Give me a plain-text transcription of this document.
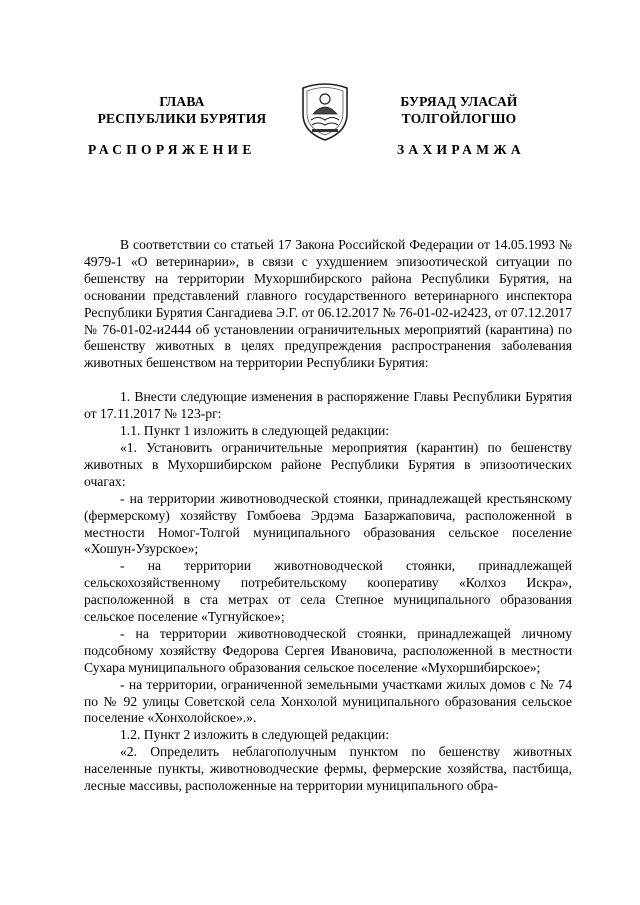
ГЛАВА
РЕСПУБЛИКИ БУРЯТИЯ
БУРЯАД УЛАСАЙ
ТОЛГОЙЛОГШО
РАСПОРЯЖЕНИЕ	ЗАХИРАМЖА

В соответствии со статьей 17 Закона Российской Федерации от 14.05.1993 № 4979-1 «О ветеринарии», в связи с ухудшением эпизоотической ситуации по бешенству на территории Мухоршибирского района Республики Бурятия, на основании представлений главного государственного ветеринарного инспектора Республики Бурятия Сангадиева Э.Г. от 06.12.2017 № 76-01-02-и2423, от 07.12.2017 № 76-01-02-и2444 об установлении ограничительных мероприятий (карантина) по бешенству животных в целях предупреждения распространения заболевания животных бешенством на территории Республики Бурятия:

1. Внести следующие изменения в распоряжение Главы Республики Бурятия от 17.11.2017 № 123-рг:

1.1. Пункт 1 изложить в следующей редакции:

«1. Установить ограничительные мероприятия (карантин) по бешенству животных в Мухоршибирском районе Республики Бурятия в эпизоотических очагах:

- на территории животноводческой стоянки, принадлежащей крестьянскому (фермерскому) хозяйству Гомбоева Эрдэма Базаржаповича, расположенной в местности Номог-Толгой муниципального образования сельское поселение «Хошун-Узурское»;

- на территории животноводческой стоянки, принадлежащей сельскохозяйственному потребительскому кооперативу «Колхоз Искра», расположенной в ста метрах от села Степное муниципального образования сельское поселение «Тугнуйское»;

- на территории животноводческой стоянки, принадлежащей личному подсобному хозяйству Федорова Сергея Ивановича, расположенной в местности Сухара муниципального образования сельское поселение «Мухоршибирское»;

- на территории, ограниченной земельными участками жилых домов с № 74 по № 92 улицы Советской села Хонхолой муниципального образования сельское поселение «Хонхолойское».».

1.2. Пункт 2 изложить в следующей редакции:

«2. Определить неблагополучным пунктом по бешенству животных населенные пункты, животноводческие фермы, фермерские хозяйства, пастбища, лесные массивы, расположенные на территории муниципального обра-
